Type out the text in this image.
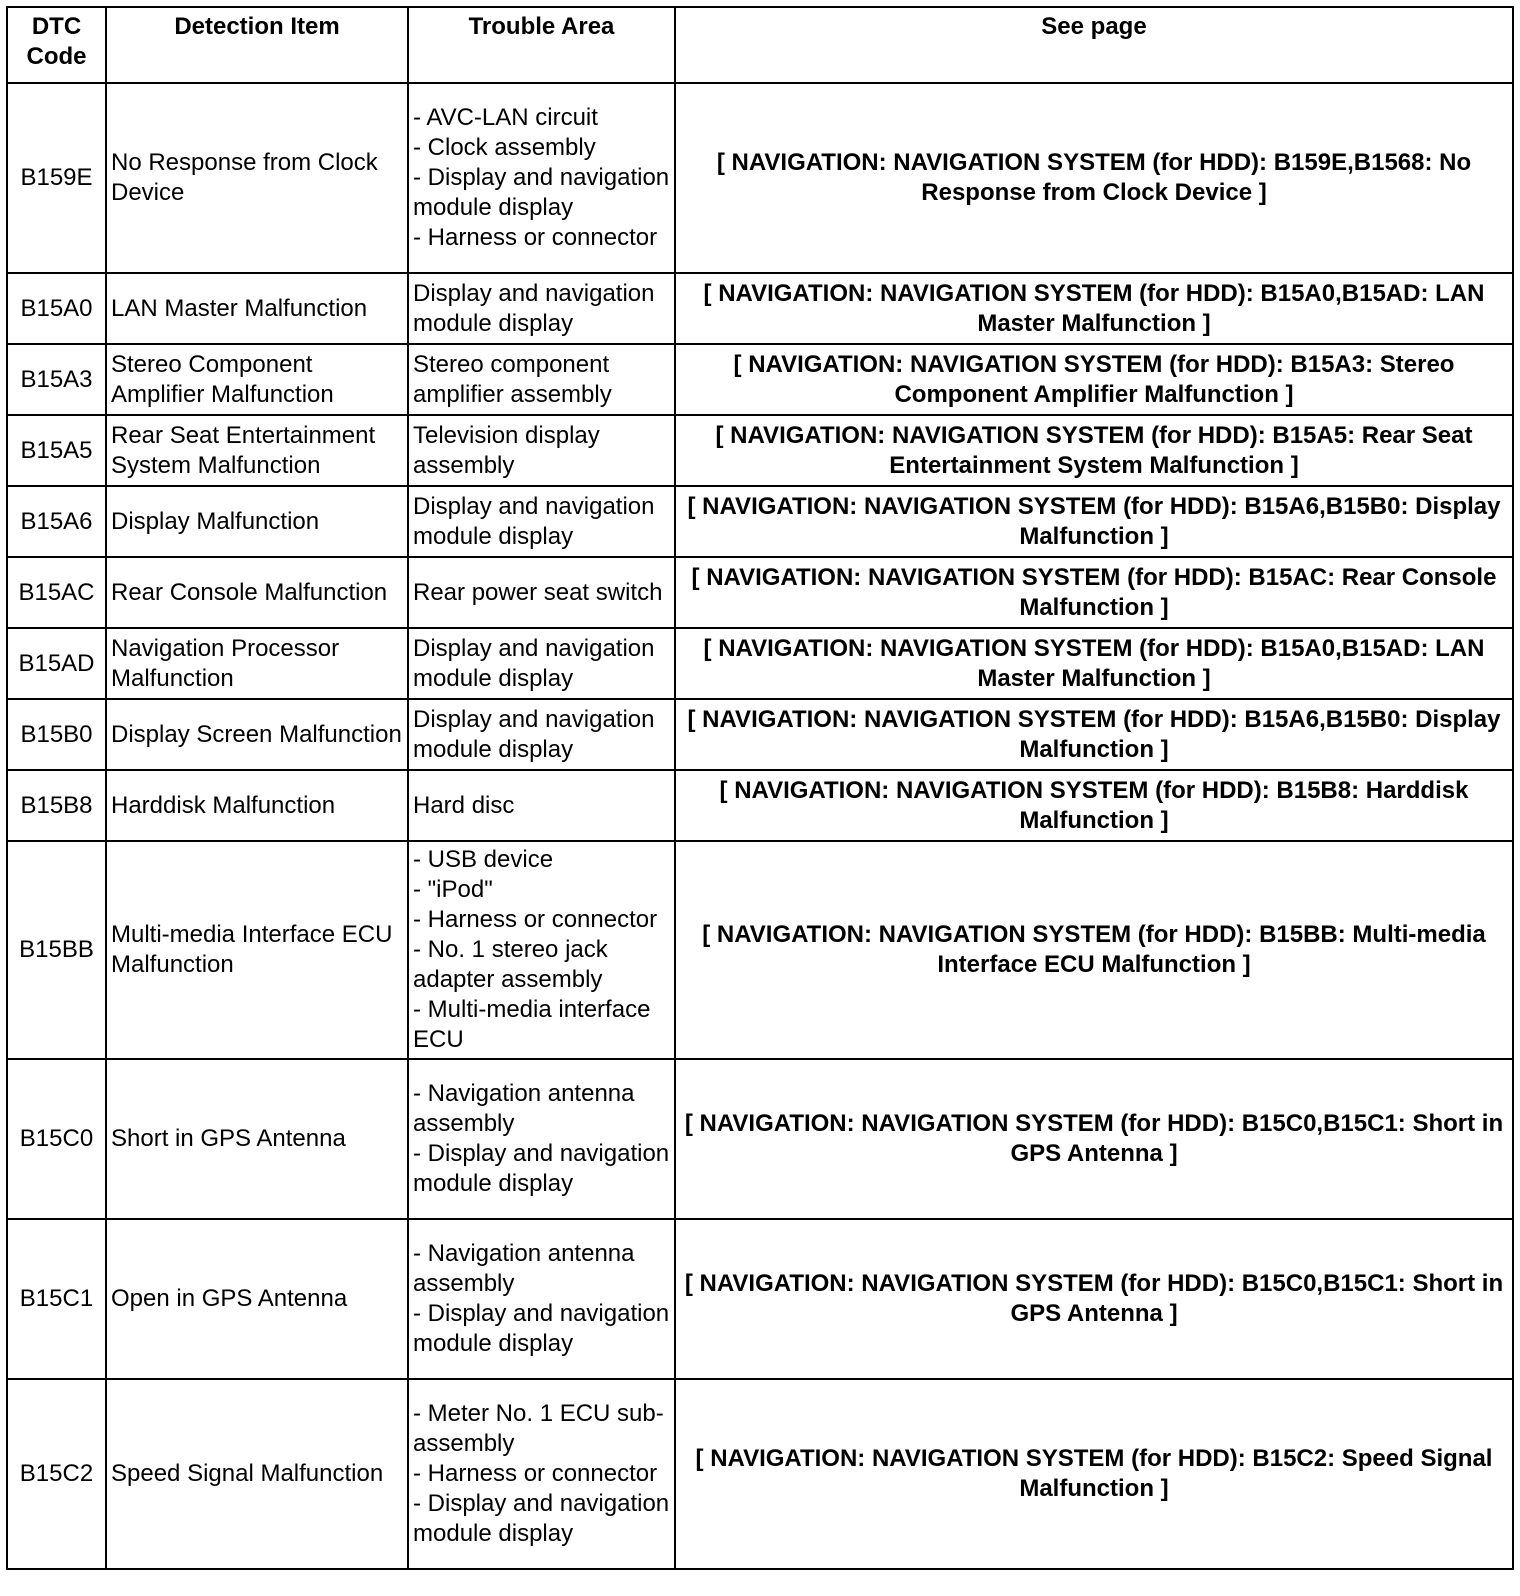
DTC Code	Detection Item	Trouble Area	See page
B159E	No Response from Clock Device	- AVC-LAN circuit
- Clock assembly
- Display and navigation module display
- Harness or connector	[ NAVIGATION: NAVIGATION SYSTEM (for HDD): B159E,B1568: No Response from Clock Device ]
B15A0	LAN Master Malfunction	Display and navigation module display	[ NAVIGATION: NAVIGATION SYSTEM (for HDD): B15A0,B15AD: LAN Master Malfunction ]
B15A3	Stereo Component Amplifier Malfunction	Stereo component amplifier assembly	[ NAVIGATION: NAVIGATION SYSTEM (for HDD): B15A3: Stereo Component Amplifier Malfunction ]
B15A5	Rear Seat Entertainment System Malfunction	Television display assembly	[ NAVIGATION: NAVIGATION SYSTEM (for HDD): B15A5: Rear Seat Entertainment System Malfunction ]
B15A6	Display Malfunction	Display and navigation module display	[ NAVIGATION: NAVIGATION SYSTEM (for HDD): B15A6,B15B0: Display Malfunction ]
B15AC	Rear Console Malfunction	Rear power seat switch	[ NAVIGATION: NAVIGATION SYSTEM (for HDD): B15AC: Rear Console Malfunction ]
B15AD	Navigation Processor Malfunction	Display and navigation module display	[ NAVIGATION: NAVIGATION SYSTEM (for HDD): B15A0,B15AD: LAN Master Malfunction ]
B15B0	Display Screen Malfunction	Display and navigation module display	[ NAVIGATION: NAVIGATION SYSTEM (for HDD): B15A6,B15B0: Display Malfunction ]
B15B8	Harddisk Malfunction	Hard disc	[ NAVIGATION: NAVIGATION SYSTEM (for HDD): B15B8: Harddisk Malfunction ]
B15BB	Multi-media Interface ECU Malfunction	- USB device
- "iPod"
- Harness or connector
- No. 1 stereo jack adapter assembly
- Multi-media interface ECU	[ NAVIGATION: NAVIGATION SYSTEM (for HDD): B15BB: Multi-media Interface ECU Malfunction ]
B15C0	Short in GPS Antenna	- Navigation antenna assembly
- Display and navigation module display	[ NAVIGATION: NAVIGATION SYSTEM (for HDD): B15C0,B15C1: Short in GPS Antenna ]
B15C1	Open in GPS Antenna	- Navigation antenna assembly
- Display and navigation module display	[ NAVIGATION: NAVIGATION SYSTEM (for HDD): B15C0,B15C1: Short in GPS Antenna ]
B15C2	Speed Signal Malfunction	- Meter No. 1 ECU sub-assembly
- Harness or connector
- Display and navigation module display	[ NAVIGATION: NAVIGATION SYSTEM (for HDD): B15C2: Speed Signal Malfunction ]
